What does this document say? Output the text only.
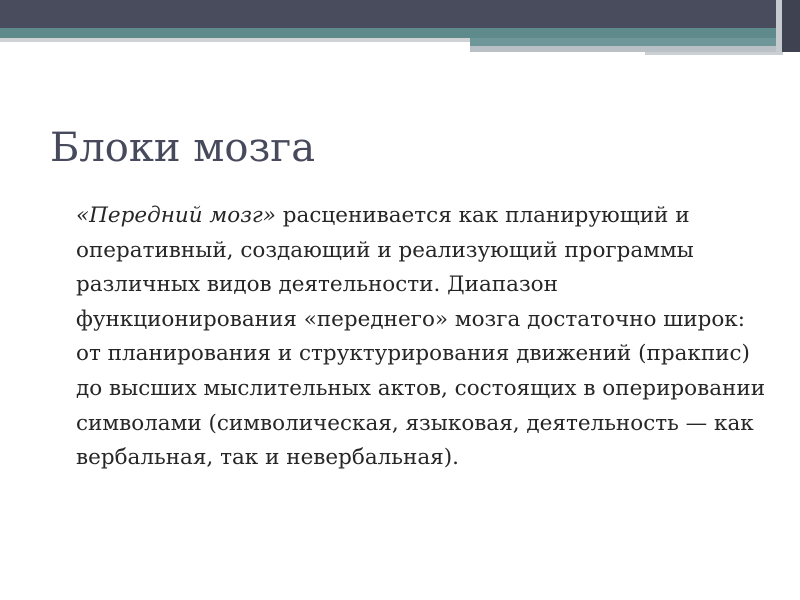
Блоки мозга

«Передний мозг» расценивается как планирующий и оперативный, создающий и реализующий программы различных видов деятельности. Диапазон функционирования «переднего» мозга достаточно широк: от планирования и структурирования движений (пракпис) до высших мыслительных актов, состоящих в оперировании символами (символическая, языковая, деятельность — как вербальная, так и невербальная).
